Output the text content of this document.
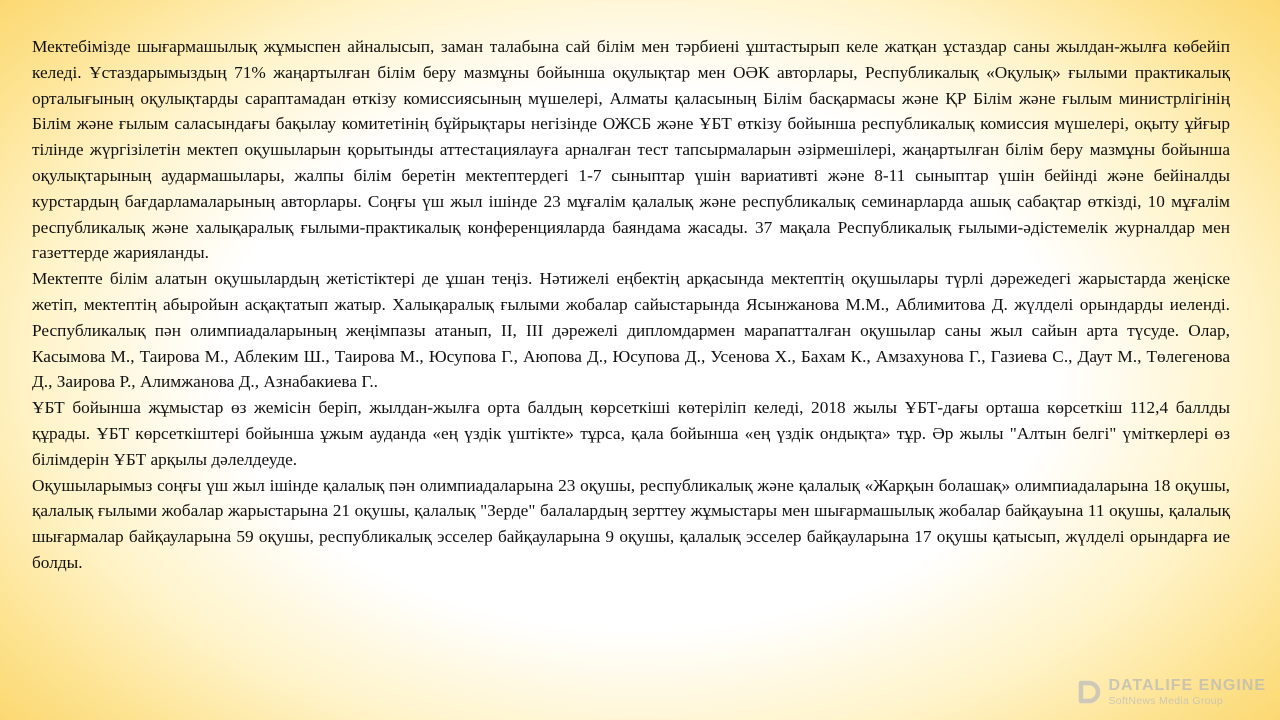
Мектебімізде шығармашылық жұмыспен айналысып, заман талабына сай білім мен тәрбиені ұштастырып келе жатқан ұстаздар саны жылдан-жылға көбейіп келеді. Ұстаздарымыздың 71% жаңартылған білім беру мазмұны бойынша оқулықтар мен ОӘК авторлары, Республикалық «Оқулық» ғылыми практикалық орталығының оқулықтарды сараптамадан өткізу комиссиясының мүшелері, Алматы қаласының Білім басқармасы және ҚР Білім және ғылым министрлігінің Білім және ғылым саласындағы бақылау комитетінің бұйрықтары негізінде ОЖСБ және ҰБТ өткізу бойынша республикалық комиссия мүшелері, оқыту ұйғыр тілінде жүргізілетін мектеп оқушыларын қорытынды аттестациялауға арналған тест тапсырмаларын әзірмешілері, жаңартылған білім беру мазмұны бойынша оқулықтарының аудармашылары, жалпы білім беретін мектептердегі 1-7 сыныптар үшін вариативті және 8-11 сыныптар үшін бейінді және бейіналды курстардың бағдарламаларының авторлары. Соңғы үш жыл ішінде 23 мұғалім қалалық және республикалық семинарларда ашық сабақтар өткізді, 10 мұғалім республикалық және халықаралық ғылыми-практикалық конференцияларда баяндама жасады. 37 мақала Республикалық ғылыми-әдістемелік журналдар мен газеттерде жарияланды.

Мектепте білім алатын оқушылардың жетістіктері де ұшан теңіз. Нәтижелі еңбектің арқасында мектептің оқушылары түрлі дәрежедегі жарыстарда жеңіске жетіп, мектептің абыройын асқақтатып жатыр. Халықаралық ғылыми жобалар сайыстарында Ясынжанова М.М., Аблимитова Д. жүлделі орындарды иеленді. Республикалық пән олимпиадаларының жеңімпазы атанып, ІІ, ІІІ дәрежелі дипломдармен марапатталған оқушылар саны жыл сайын арта түсуде. Олар, Касымова М., Таирова М., Аблеким Ш., Таирова М., Юсупова Г., Аюпова Д., Юсупова Д., Усенова Х., Бахам К., Амзахунова Г., Газиева С., Даут М., Төлегенова Д., Заирова Р., Алимжанова Д., Азнабакиева Г..

ҰБТ бойынша жұмыстар өз жемісін беріп, жылдан-жылға орта балдың көрсеткіші көтеріліп келеді, 2018 жылы ҰБТ-дағы орташа көрсеткіш 112,4 баллды құрады. ҰБТ көрсеткіштері бойынша ұжым ауданда «ең үздік үштікте» тұрса, қала бойынша «ең үздік ондықта» тұр. Әр жылы "Алтын белгі" үміткерлері өз білімдерін ҰБТ арқылы дәлелдеуде.

Оқушыларымыз соңғы үш жыл ішінде қалалық пән олимпиадаларына 23 оқушы, республикалық және қалалық «Жарқын болашақ» олимпиадаларына 18 оқушы, қалалық ғылыми жобалар жарыстарына 21 оқушы, қалалық "Зерде" балалардың зерттеу жұмыстары мен шығармашылық жобалар байқауына 11 оқушы, қалалық шығармалар байқауларына 59 оқушы, республикалық эсселер байқауларына 9 оқушы, қалалық эсселер байқауларына 17 оқушы қатысып, жүлделі орындарға ие болды.

DATALIFE ENGINE
SoftNews Media Group
